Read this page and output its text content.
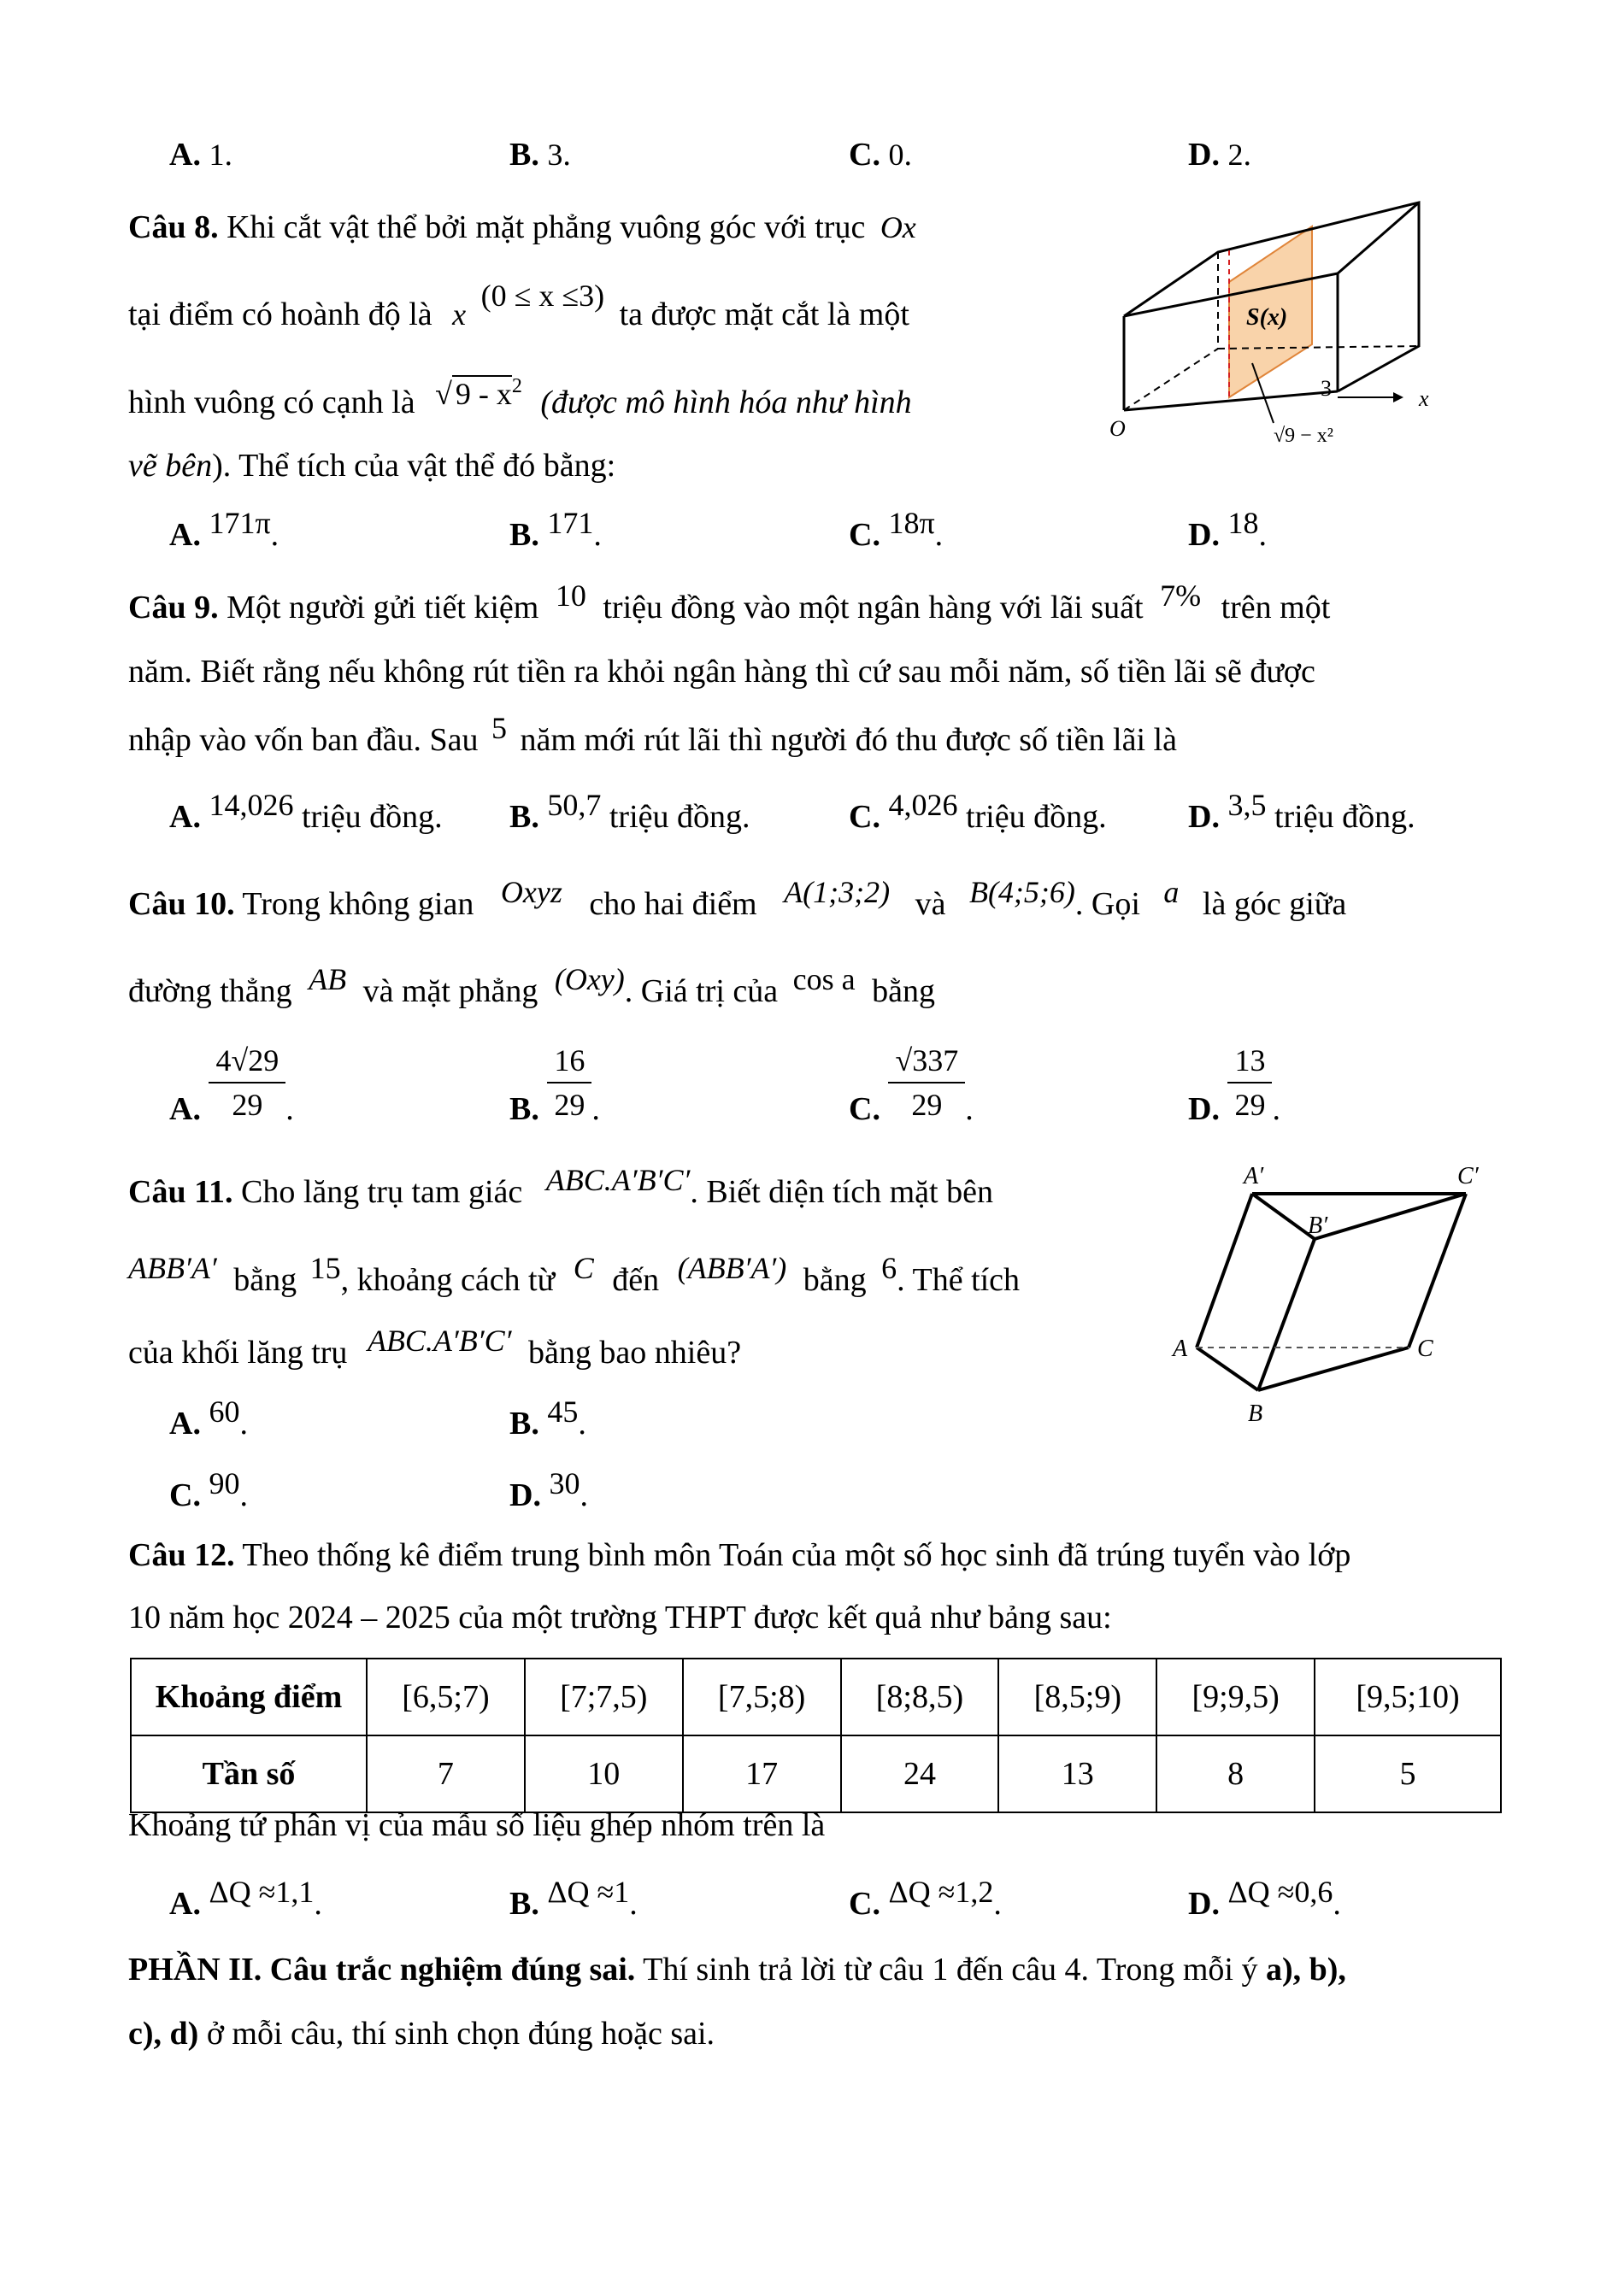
A. 1.	B. 3.	C. 0.	D. 2.
Câu 8. Khi cắt vật thể bởi mặt phẳng vuông góc với trục Ox
tại điểm có hoành độ là x (0 ≤ x ≤3) ta được mặt cắt là một
hình vuông có cạnh là √ $9 - x^2$ (được mô hình hóa như hình
vẽ bên). Thể tích của vật thể đó bằng:
A. 171π.	B. 171.	C. 18π.	D. 18.
S(x)
O
3	x
√9 − x²
Câu 9. Một người gửi tiết kiệm 10 triệu đồng vào một ngân hàng với lãi suất 7% trên một
năm. Biết rằng nếu không rút tiền ra khỏi ngân hàng thì cứ sau mỗi năm, số tiền lãi sẽ được
nhập vào vốn ban đầu. Sau 5 năm mới rút lãi thì người đó thu được số tiền lãi là
A. 14,026 triệu đồng. B. 50,7 triệu đồng.	C. 4,026 triệu đồng.	D. 3,5 triệu đồng.
Câu 10. Trong không gian Oxyz cho hai điểm A(1;3;2) và B(4;5;6). Gọi a là góc giữa
đường thẳng AB và mặt phẳng (Oxy). Giá trị của cos a bằng
A. $\frac{4√29}{29}$ .	B. $\frac{16}{29}$ .	C. $\frac{√337}{29}$ .	D. $\frac{13}{29}$ .
Câu 11. Cho lăng trụ tam giác ABC.A′B′C′. Biết diện tích mặt bên
ABB′A′ bằng 15, khoảng cách từ C đến (ABB′A′) bằng 6. Thể tích
của khối lăng trụ ABC.A′B′C′ bằng bao nhiêu?
A. 60.	B. 45.
C. 90.	D. 30.
A′	C′
B′
A	C
B
Câu 12. Theo thống kê điểm trung bình môn Toán của một số học sinh đã trúng tuyển vào lớp
10 năm học 2024 – 2025 của một trường THPT được kết quả như bảng sau:
Khoảng điểm	[6,5;7)	[7;7,5)	[7,5;8)	[8;8,5)	[8,5;9)	[9;9,5)	[9,5;10)
Tần số	7	10	17	24	13	8	5
Khoảng tứ phân vị của mẫu số liệu ghép nhóm trên là
A. ΔQ ≈1,1.	B. ΔQ ≈1.	C. ΔQ ≈1,2.	D. ΔQ ≈0,6.
PHẦN II. Câu trắc nghiệm đúng sai. Thí sinh trả lời từ câu 1 đến câu 4. Trong mỗi ý a), b),
c), d) ở mỗi câu, thí sinh chọn đúng hoặc sai.
